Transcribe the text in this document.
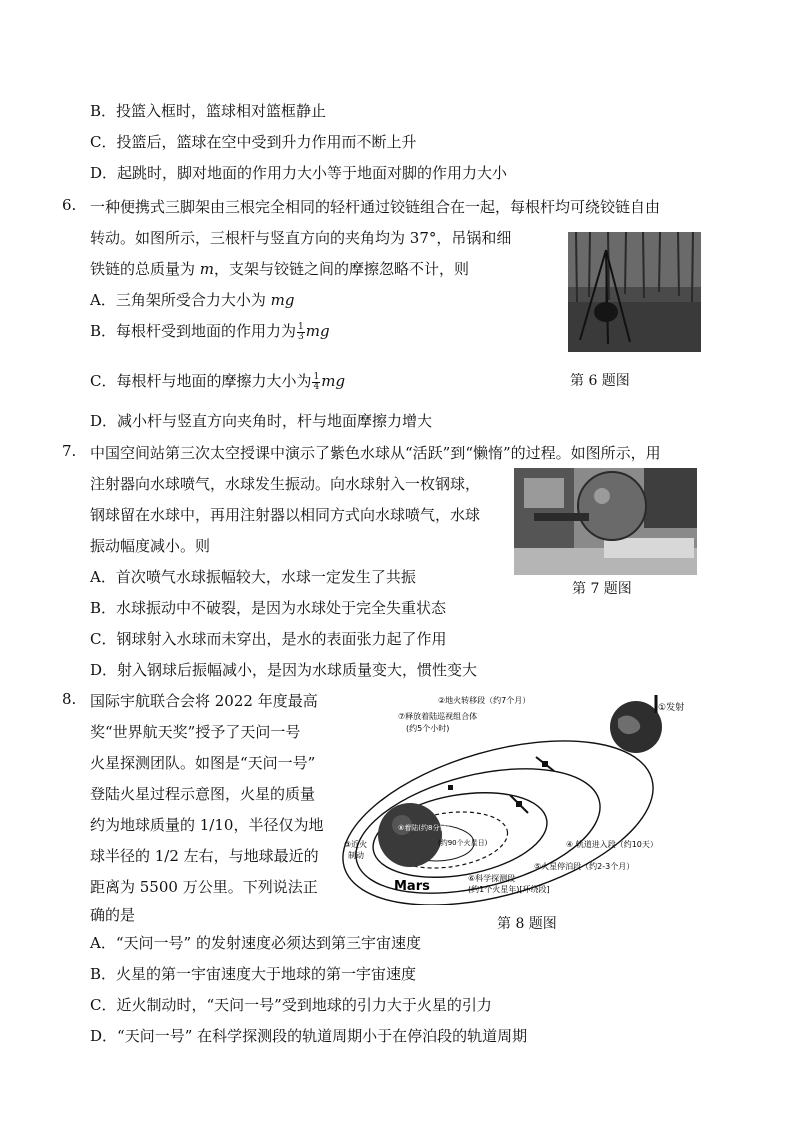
B．投篮入框时，篮球相对篮框静止
C．投篮后，篮球在空中受到升力作用而不断上升
D．起跳时，脚对地面的作用力大小等于地面对脚的作用力大小
6. 一种便携式三脚架由三根完全相同的轻杆通过铰链组合在一起，每根杆均可绕铰链自由
转动。如图所示，三根杆与竖直方向的夹角均为 37°，吊锅和细
铁链的总质量为 m，支架与铰链之间的摩擦忽略不计，则
A．三角架所受合力大小为 mg
B．每根杆受到地面的作用力为 $\frac{1}{3}$ mg
C．每根杆与地面的摩擦力大小为 $\frac{1}{4}$ mg
D．减小杆与竖直方向夹角时，杆与地面摩擦力增大
第 6 题图
7. 中国空间站第三次太空授课中演示了紫色水球从“活跃”到“懒惰”的过程。如图所示，用
注射器向水球喷气，水球发生振动。向水球射入一枚钢球，
钢球留在水球中，再用注射器以相同方式向水球喷气，水球
振动幅度减小。则
A．首次喷气水球振幅较大，水球一定发生了共振
B．水球振动中不破裂，是因为水球处于完全失重状态
C．钢球射入水球而未穿出，是水的表面张力起了作用
D．射入钢球后振幅减小，是因为水球质量变大，惯性变大
第 7 题图
8. 国际宇航联合会将 2022 年度最高
奖“世界航天奖”授予了天问一号
火星探测团队。如图是“天问一号”
登陆火星过程示意图，火星的质量
约为地球质量的 1/10，半径仅为地
球半径的 1/2 左右，与地球最近的
距离为 5500 万公里。下列说法正
确的是
A．“天问一号” 的发射速度必须达到第三宇宙速度
B．火星的第一宇宙速度大于地球的第一宇宙速度
C．近火制动时，“天问一号”受到地球的引力大于火星的引力
D．“天问一号” 在科学探测段的轨道周期小于在停泊段的轨道周期
①发射
②地火转移段（约7个月）
⑦释放着陆巡视组合体
(约5个小时)
④ 轨道进入段（约10天）
⑤火星停泊段（约2-3个月）
⑥科学探测段
(约1个火星年)[环绕段]
③近火
制动
⑧着陆(约8分钟)
(约90个火星日)
Mars
第 8 题图
